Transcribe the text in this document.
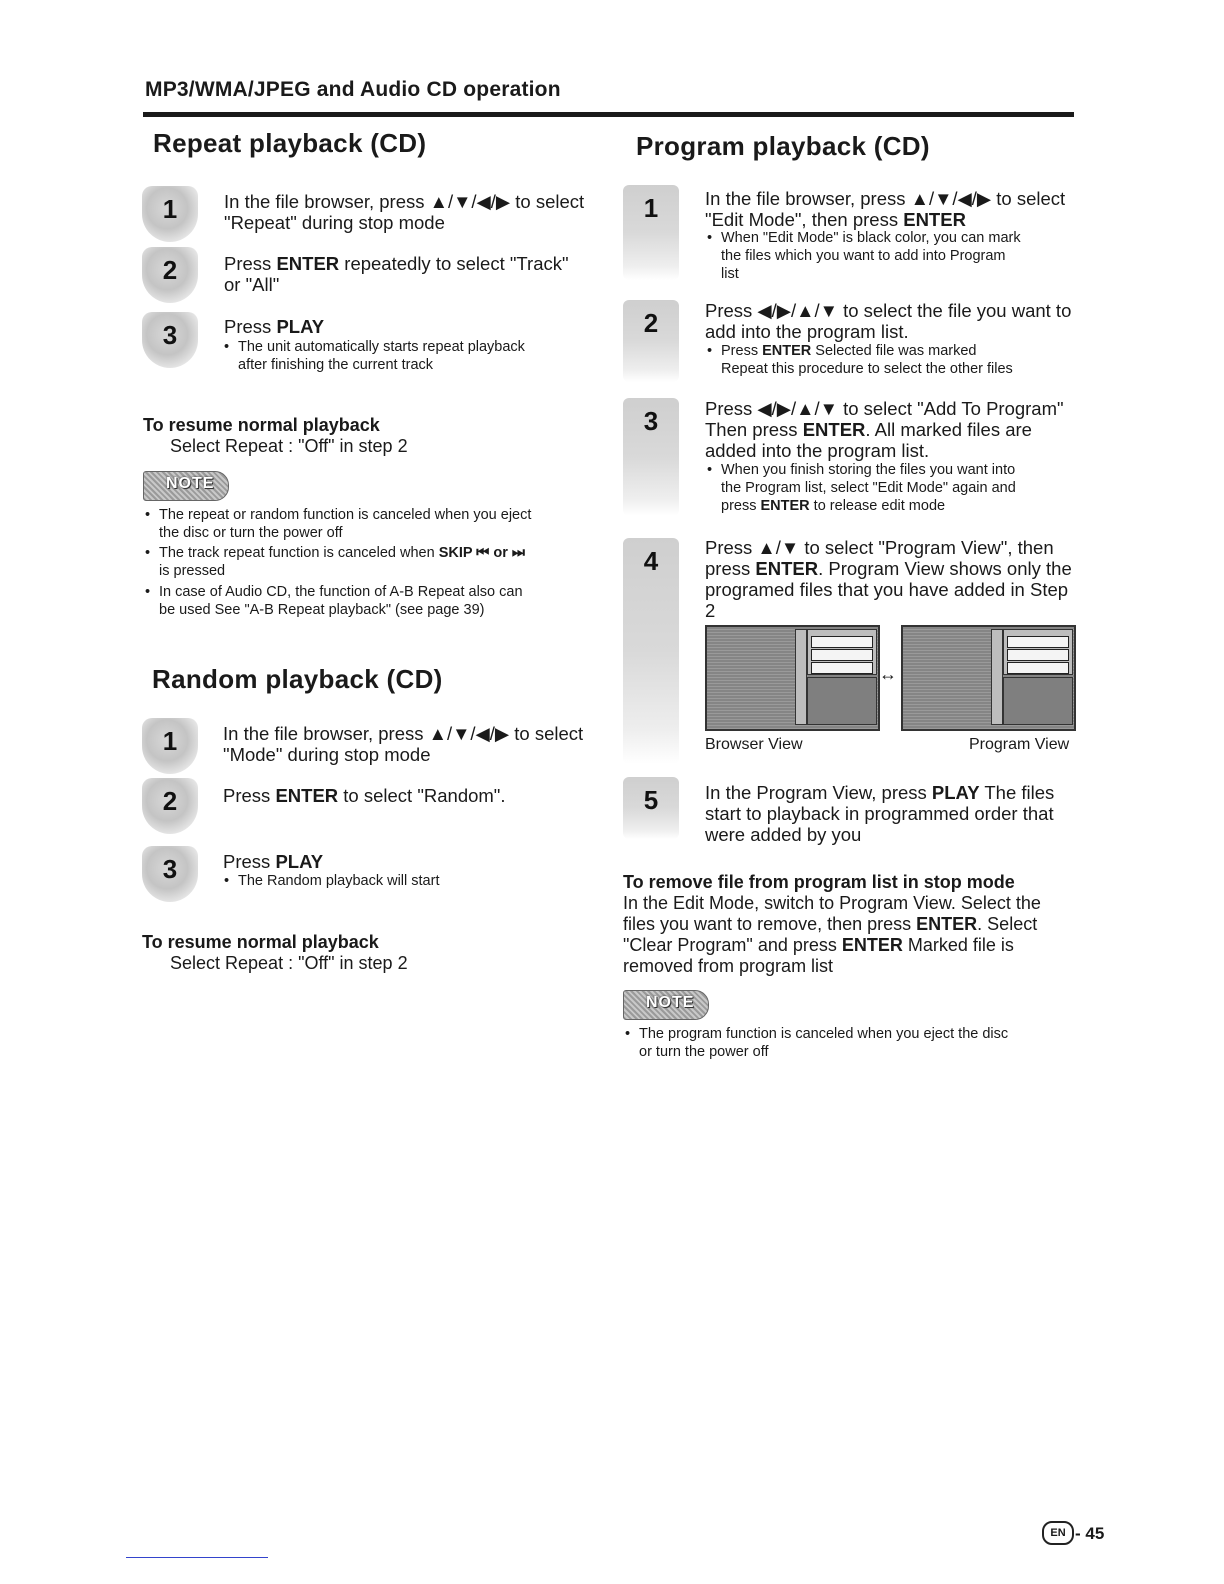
MP3/WMA/JPEG and Audio CD operation
Repeat playback (CD)
1	In the file browser, press ▲/▼/◀/▶ to select
"Repeat" during stop mode
2	Press ENTER repeatedly to select "Track"
or "All"
3	Press PLAY
• The unit automatically starts repeat playback
after finishing the current track
To resume normal playback
Select Repeat : "Off" in step 2
NOTE
• The repeat or random function is canceled when you eject
the disc or turn the power off
• The track repeat function is canceled when SKIP ⏮ or ⏭
is pressed
• In case of Audio CD, the function of A-B Repeat also can
be used See "A-B Repeat playback" (see page 39)
Random playback (CD)
1	In the file browser, press ▲/▼/◀/▶ to select
"Mode" during stop mode
2	Press ENTER to select "Random".
3	Press PLAY
• The Random playback will start
To resume normal playback
Select Repeat : "Off" in step 2
Program playback (CD)
1	In the file browser, press ▲/▼/◀/▶ to select
"Edit Mode", then press ENTER
• When "Edit Mode" is black color, you can mark
the files which you want to add into Program
list
2	Press ◀/▶/▲/▼ to select the file you want to
add into the program list.
• Press ENTER Selected file was marked
Repeat this procedure to select the other files
3	Press ◀/▶/▲/▼ to select "Add To Program"
Then press ENTER. All marked files are
added into the program list.
• When you finish storing the files you want into
the Program list, select "Edit Mode" again and
press ENTER to release edit mode
4	Press ▲/▼ to select "Program View", then
press ENTER. Program View shows only the
programed files that you have added in Step
2
↔
Browser View	Program View
5	In the Program View, press PLAY The files
start to playback in programmed order that
were added by you
To remove file from program list in stop mode
In the Edit Mode, switch to Program View. Select the
files you want to remove, then press ENTER. Select
"Clear Program" and press ENTER Marked file is
removed from program list
NOTE
• The program function is canceled when you eject the disc
or turn the power off
EN - 45
